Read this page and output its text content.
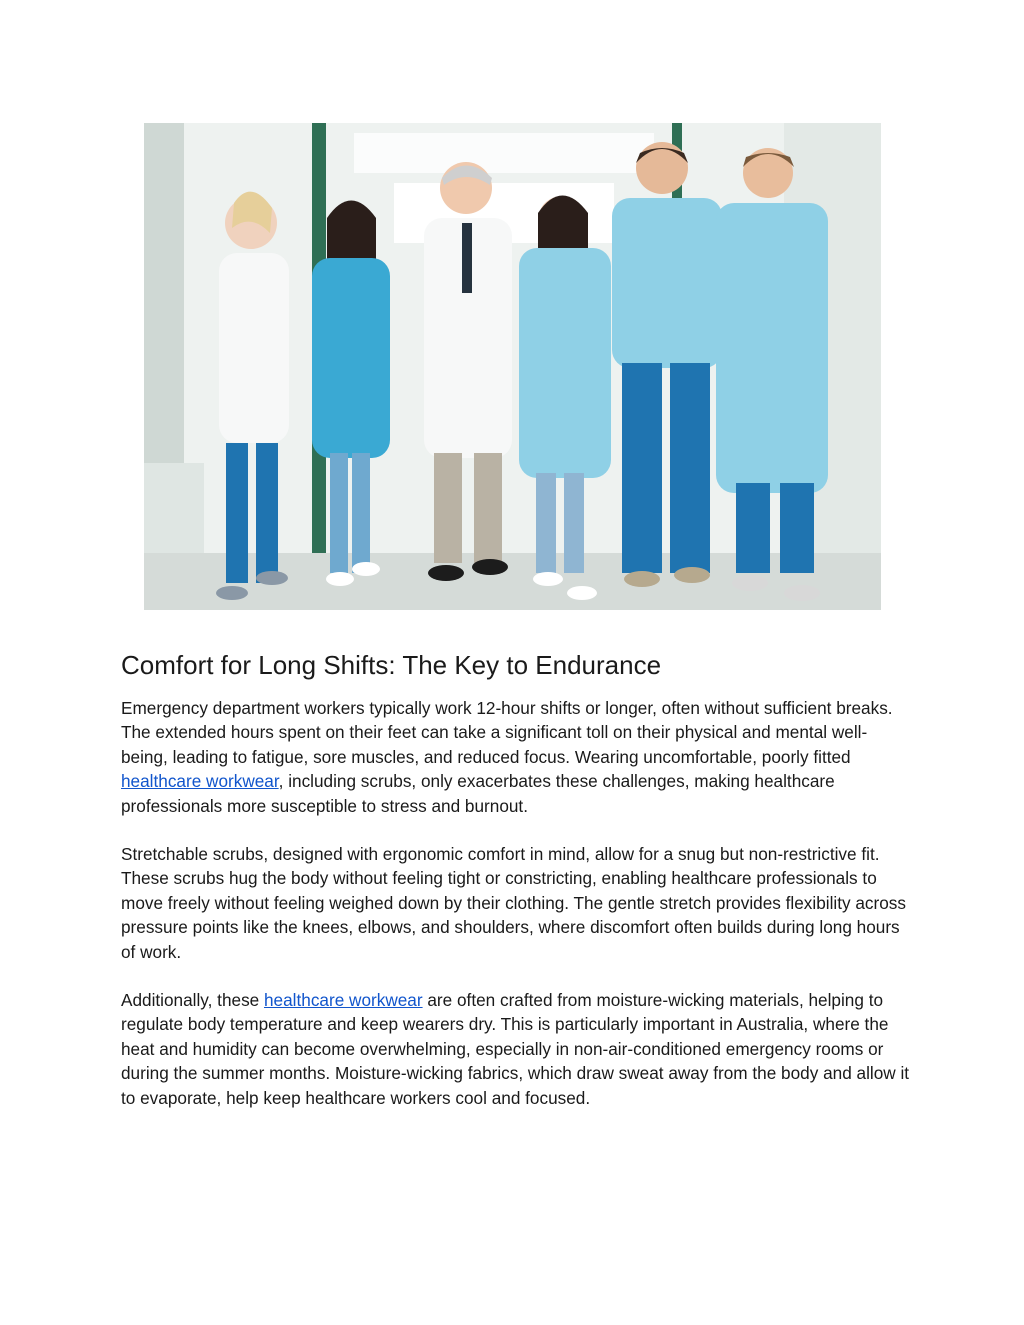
Comfort for Long Shifts: The Key to Endurance

Emergency department workers typically work 12-hour shifts or longer, often without sufficient breaks. The extended hours spent on their feet can take a significant toll on their physical and mental well-being, leading to fatigue, sore muscles, and reduced focus. Wearing uncomfortable, poorly fitted healthcare workwear, including scrubs, only exacerbates these challenges, making healthcare professionals more susceptible to stress and burnout.

Stretchable scrubs, designed with ergonomic comfort in mind, allow for a snug but non-restrictive fit. These scrubs hug the body without feeling tight or constricting, enabling healthcare professionals to move freely without feeling weighed down by their clothing. The gentle stretch provides flexibility across pressure points like the knees, elbows, and shoulders, where discomfort often builds during long hours of work.

Additionally, these healthcare workwear are often crafted from moisture-wicking materials, helping to regulate body temperature and keep wearers dry. This is particularly important in Australia, where the heat and humidity can become overwhelming, especially in non-air-conditioned emergency rooms or during the summer months. Moisture-wicking fabrics, which draw sweat away from the body and allow it to evaporate, help keep healthcare workers cool and focused.
